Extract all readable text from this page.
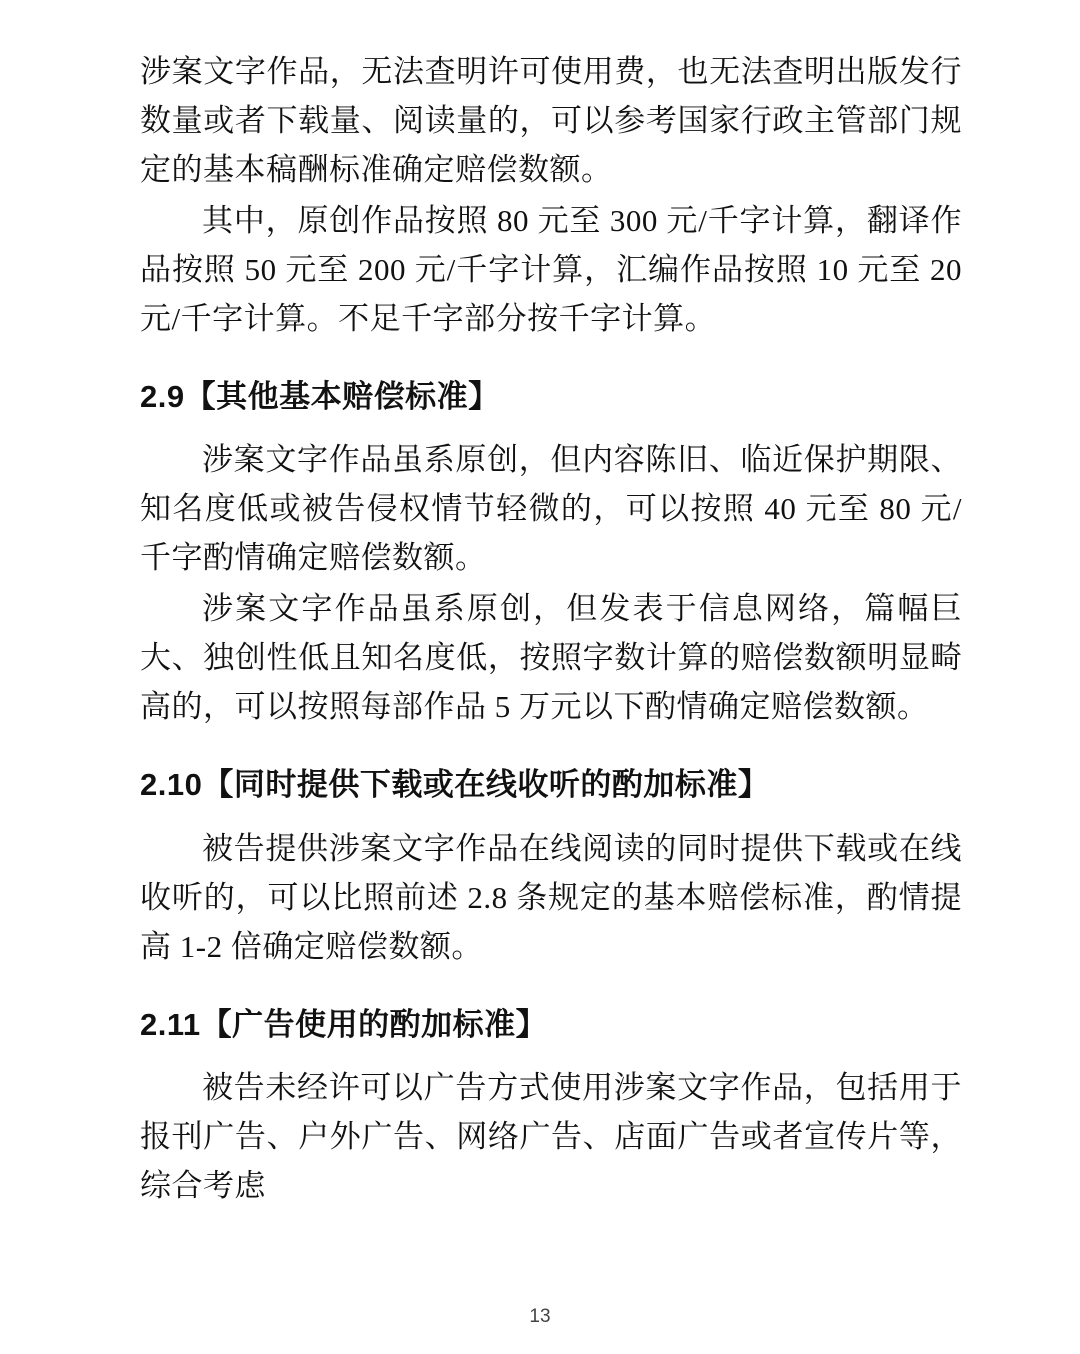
涉案文字作品，无法查明许可使用费，也无法查明出版发行数量或者下载量、阅读量的，可以参考国家行政主管部门规定的基本稿酬标准确定赔偿数额。

其中，原创作品按照 80 元至 300 元/千字计算，翻译作品按照 50 元至 200 元/千字计算，汇编作品按照 10 元至 20 元/千字计算。不足千字部分按千字计算。

2.9【其他基本赔偿标准】

涉案文字作品虽系原创，但内容陈旧、临近保护期限、知名度低或被告侵权情节轻微的，可以按照 40 元至 80 元/千字酌情确定赔偿数额。

涉案文字作品虽系原创，但发表于信息网络，篇幅巨大、独创性低且知名度低，按照字数计算的赔偿数额明显畸高的，可以按照每部作品 5 万元以下酌情确定赔偿数额。

2.10【同时提供下载或在线收听的酌加标准】

被告提供涉案文字作品在线阅读的同时提供下载或在线收听的，可以比照前述 2.8 条规定的基本赔偿标准，酌情提高 1-2 倍确定赔偿数额。

2.11【广告使用的酌加标准】

被告未经许可以广告方式使用涉案文字作品，包括用于报刊广告、户外广告、网络广告、店面广告或者宣传片等，综合考虑

13
